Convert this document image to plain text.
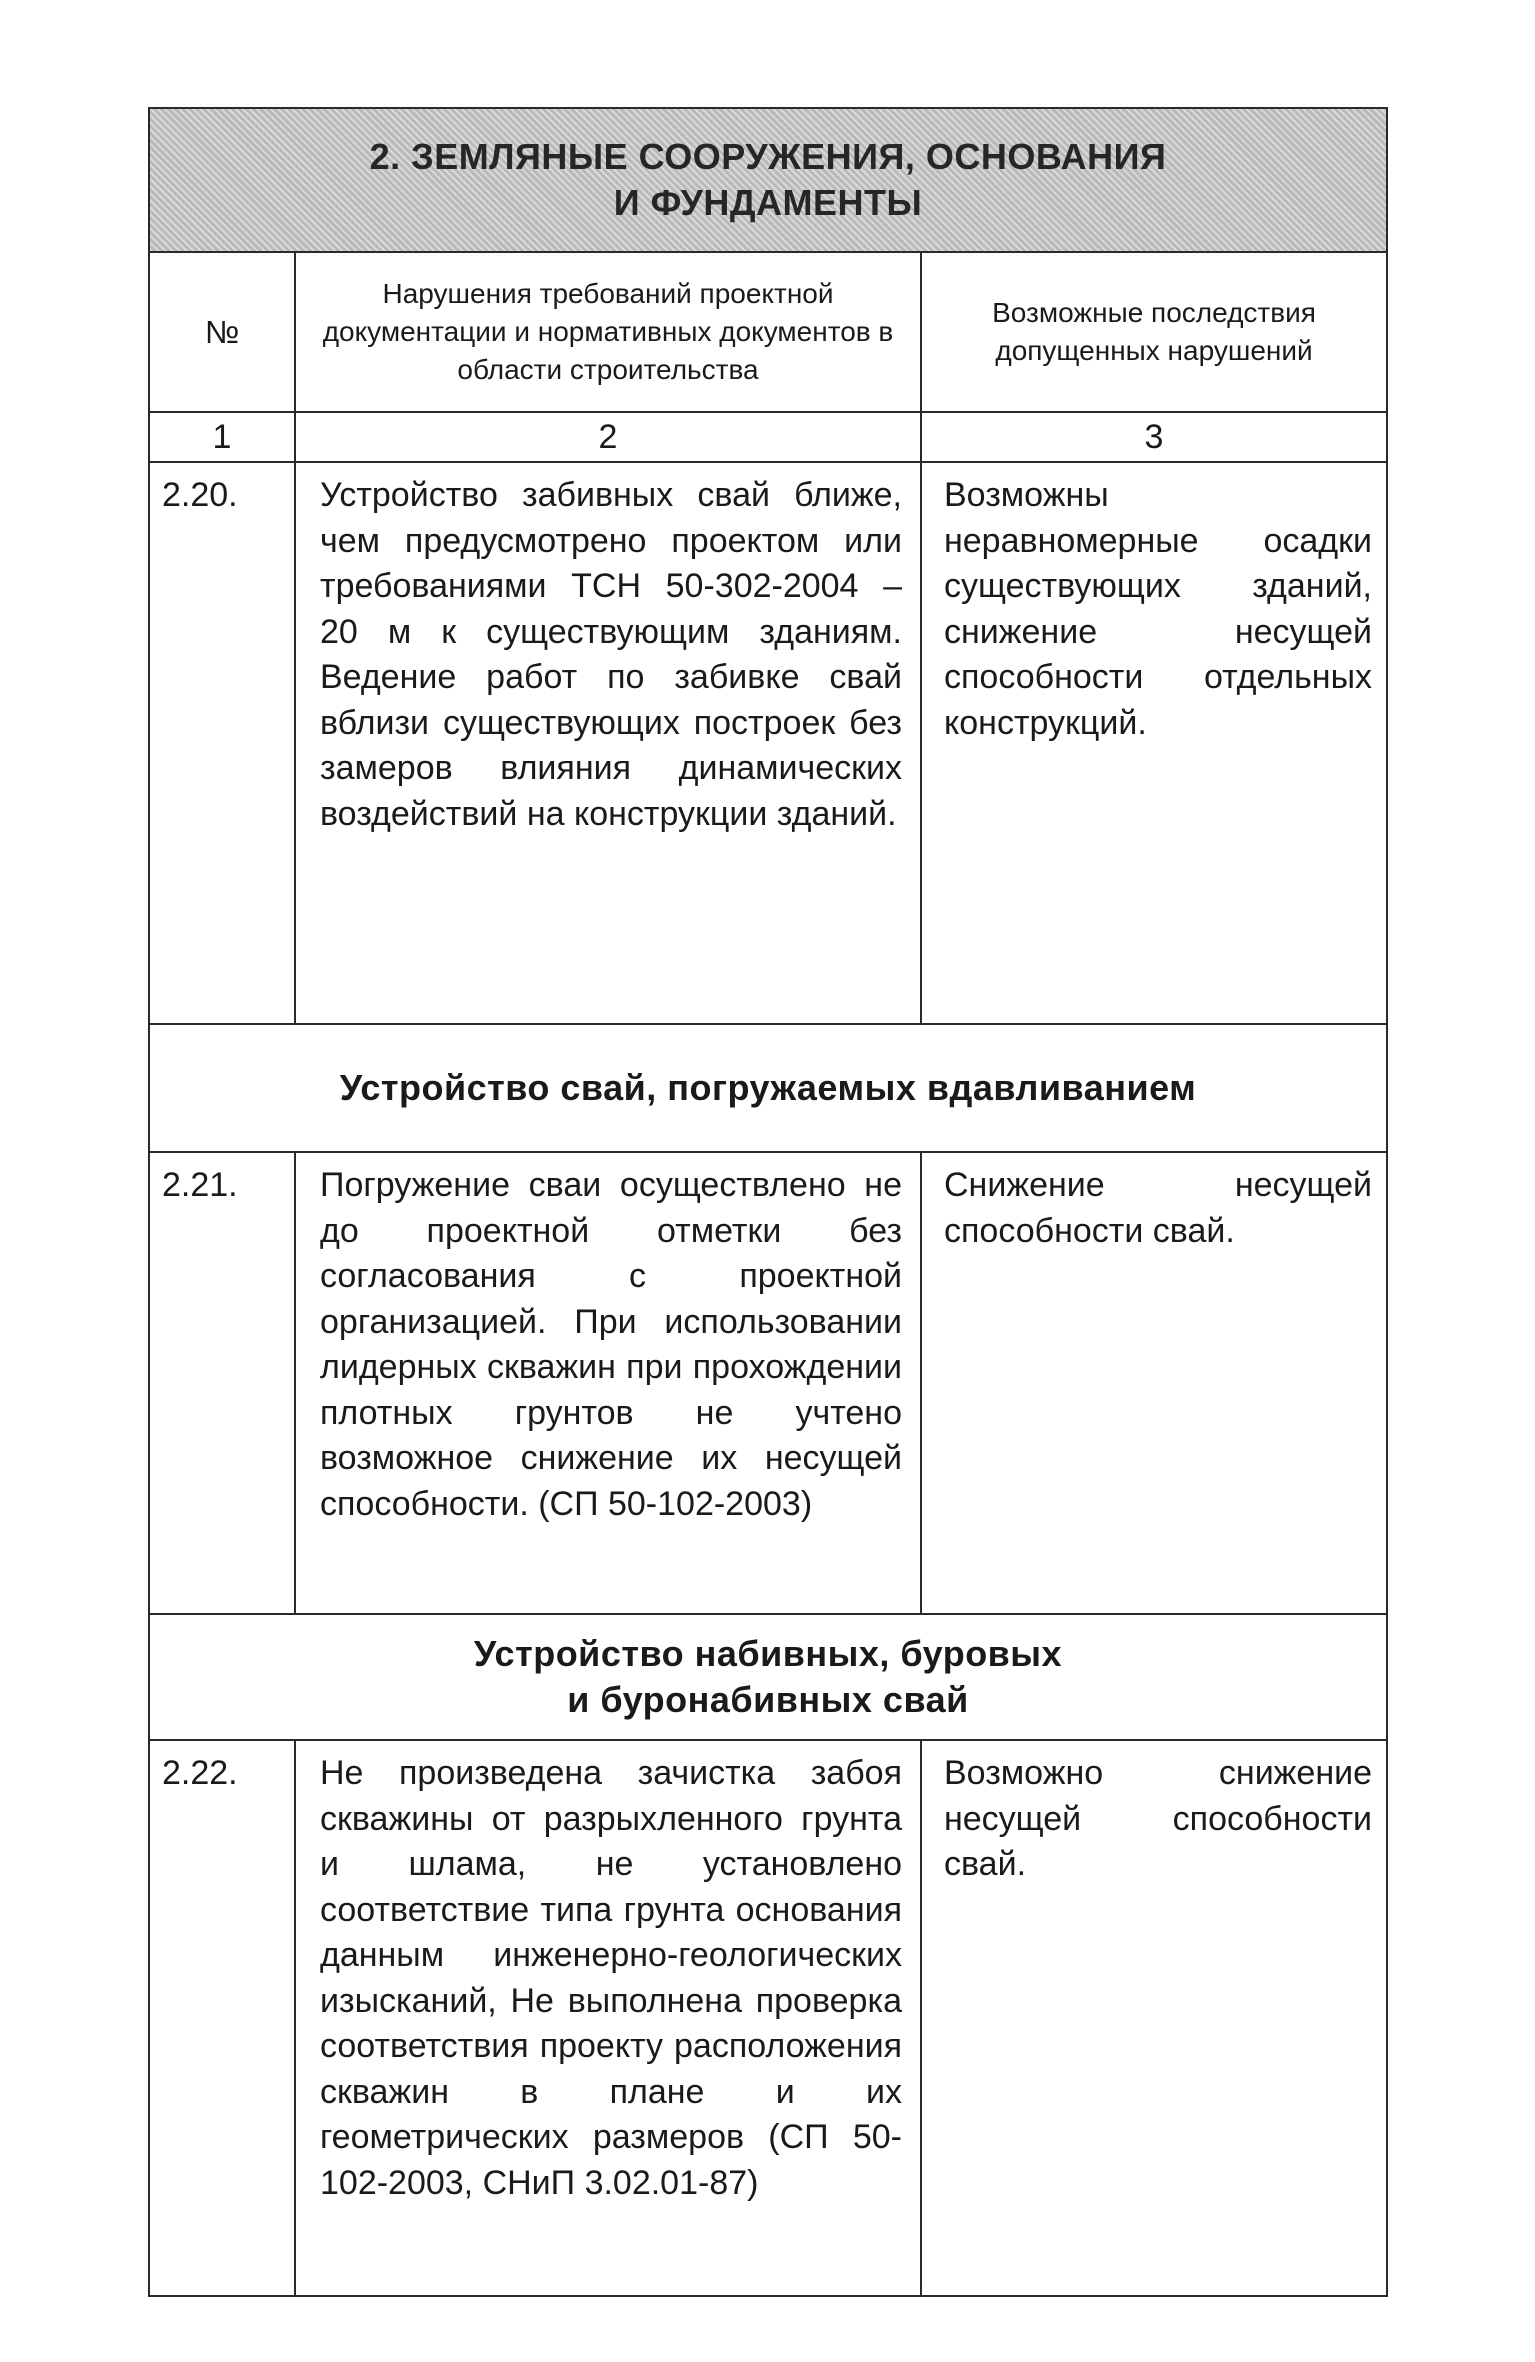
2. ЗЕМЛЯНЫЕ СООРУЖЕНИЯ, ОСНОВАНИЯ
И ФУНДАМЕНТЫ		

№	Нарушения требований проектной документации и нормативных документов в области строительства	Возможные последствия допущенных нарушений
1	2	3
2.20.	Устройство забивных свай ближе, чем предусмотрено проектом или требованиями ТСН 50-302-2004 – 20 м к существующим зданиям. Ведение работ по забивке свай вблизи существующих построек без замеров влияния динамических воздействий на конструкции зданий.	Возможны неравномерные осадки существующих зданий, снижение несущей способности отдельных конструкций.

Устройство свай, погружаемых вдавливанием		

2.21.	Погружение сваи осуществлено не до проектной отметки без согласования с проектной организацией. При использовании лидерных скважин при прохождении плотных грунтов не учтено возможное снижение их несущей способности. (СП 50-102-2003)	Снижение несущей способности свай.

Устройство набивных, буровых
и буронабивных свай		

2.22.	Не произведена зачистка забоя скважины от разрыхленного грунта и шлама, не установлено соответствие типа грунта основания данным инженерно-геологических изысканий, Не выполнена проверка соответствия проекту расположения скважин в плане и их геометрических размеров (СП 50-102-2003, СНиП 3.02.01-87)	Возможно снижение несущей способности свай.
